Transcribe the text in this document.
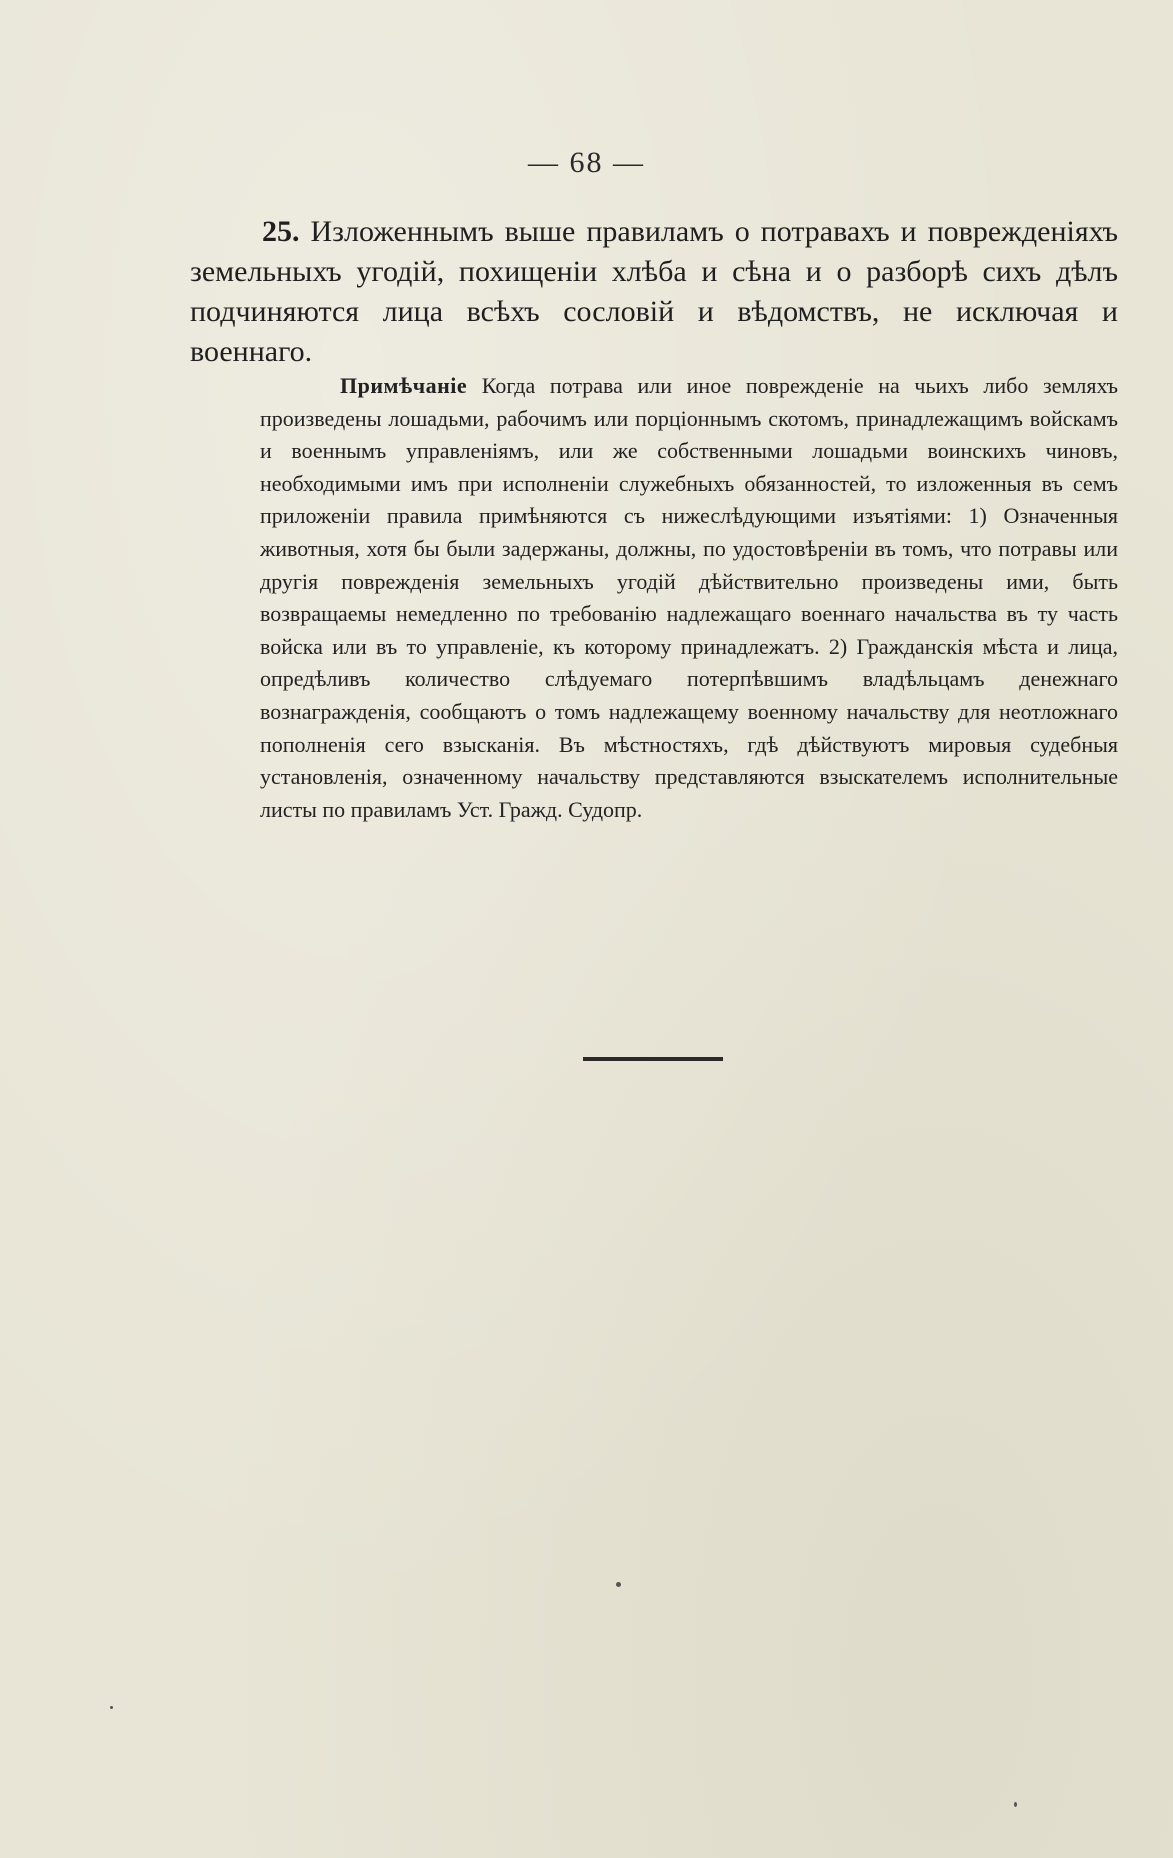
— 68 —

25. Изложеннымъ выше правиламъ о потравахъ и поврежденіяхъ земельныхъ угодій, похищеніи хлѣба и сѣна и о разборѣ сихъ дѣлъ подчиняются лица всѣхъ сословій и вѣдомствъ, не исключая и военнаго.

Примѣчаніе Когда потрава или иное поврежденіе на чьихъ либо земляхъ произведены лошадьми, рабочимъ или порціоннымъ скотомъ, принадлежащимъ войскамъ и военнымъ управленіямъ, или же собственными лошадьми воинскихъ чиновъ, необходимыми имъ при исполненіи служебныхъ обязанностей, то изложенныя въ семъ приложеніи правила примѣняются съ нижеслѣдующими изъятіями: 1) Означенныя животныя, хотя бы были задержаны, должны, по удостовѣреніи въ томъ, что потравы или другія поврежденія земельныхъ угодій дѣйствительно произведены ими, быть возвращаемы немедленно по требованію надлежащаго военнаго начальства въ ту часть войска или въ то управленіе, къ которому принадлежатъ. 2) Гражданскія мѣста и лица, опредѣливъ количество слѣдуемаго потерпѣвшимъ владѣльцамъ денежнаго вознагражденія, сообщаютъ о томъ надлежащему военному начальству для неотложнаго пополненія сего взысканія. Въ мѣстностяхъ, гдѣ дѣйствуютъ мировыя судебныя установленія, означенному начальству представляются взыскателемъ исполнительные листы по правиламъ Уст. Гражд. Судопр.
